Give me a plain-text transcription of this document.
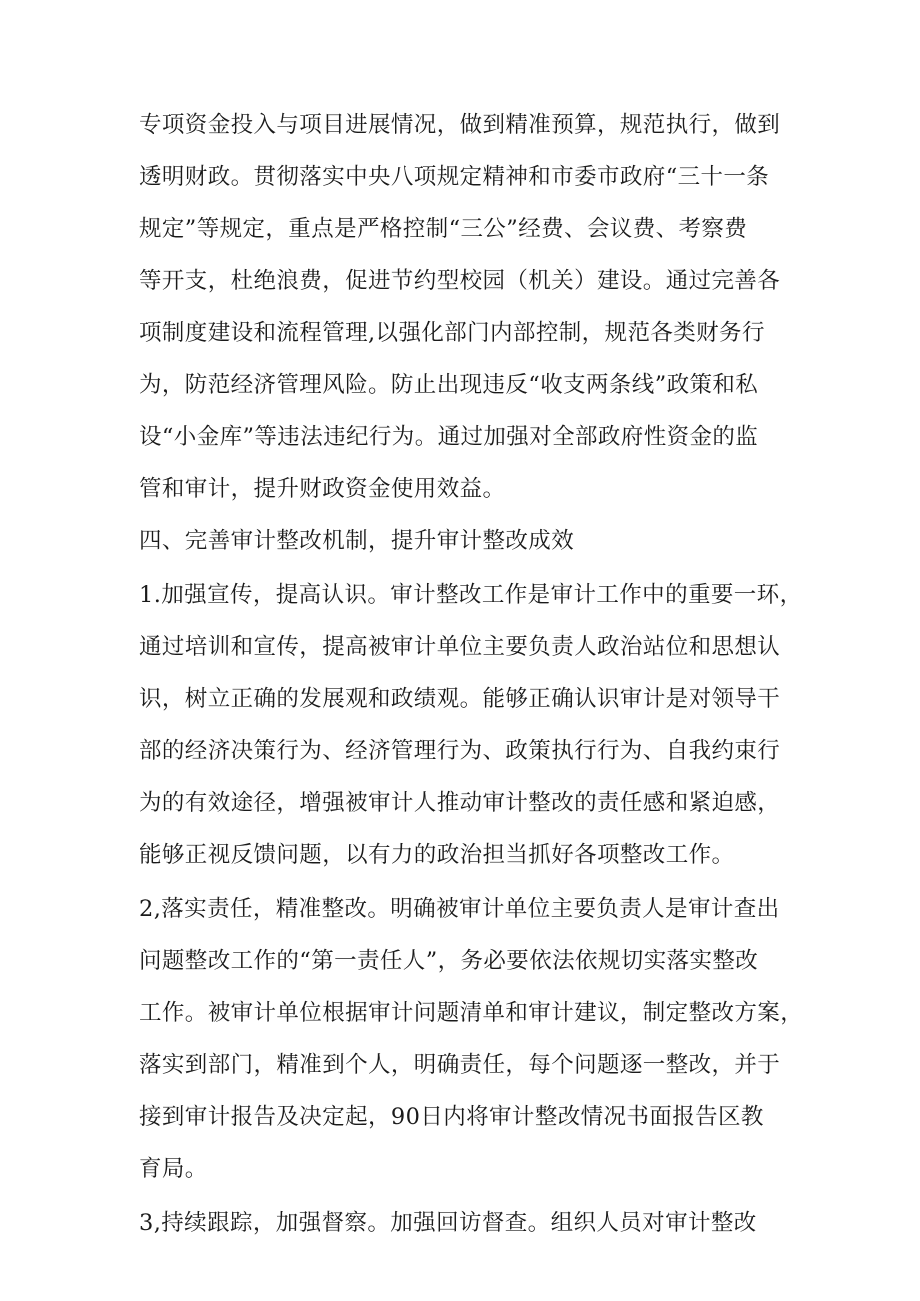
专项资金投入与项目进展情况，做到精准预算，规范执行，做到
透明财政。贯彻落实中央八项规定精神和市委市政府“三十一条
规定”等规定，重点是严格控制“三公”经费、会议费、考察费
等开支，杜绝浪费，促进节约型校园（机关）建设。通过完善各
项制度建设和流程管理,以强化部门内部控制，规范各类财务行
为，防范经济管理风险。防止出现违反“收支两条线”政策和私
设“小金库”等违法违纪行为。通过加强对全部政府性资金的监
管和审计，提升财政资金使用效益。
四、完善审计整改机制，提升审计整改成效
1.加强宣传，提高认识。审计整改工作是审计工作中的重要一环，
通过培训和宣传，提高被审计单位主要负责人政治站位和思想认
识，树立正确的发展观和政绩观。能够正确认识审计是对领导干
部的经济决策行为、经济管理行为、政策执行行为、自我约束行
为的有效途径，增强被审计人推动审计整改的责任感和紧迫感，
能够正视反馈问题，以有力的政治担当抓好各项整改工作。
2,落实责任，精准整改。明确被审计单位主要负责人是审计查出
问题整改工作的“第一责任人”，务必要依法依规切实落实整改
工作。被审计单位根据审计问题清单和审计建议，制定整改方案，
落实到部门，精准到个人，明确责任，每个问题逐一整改，并于
接到审计报告及决定起，90日内将审计整改情况书面报告区教
育局。
3,持续跟踪，加强督察。加强回访督查。组织人员对审计整改
